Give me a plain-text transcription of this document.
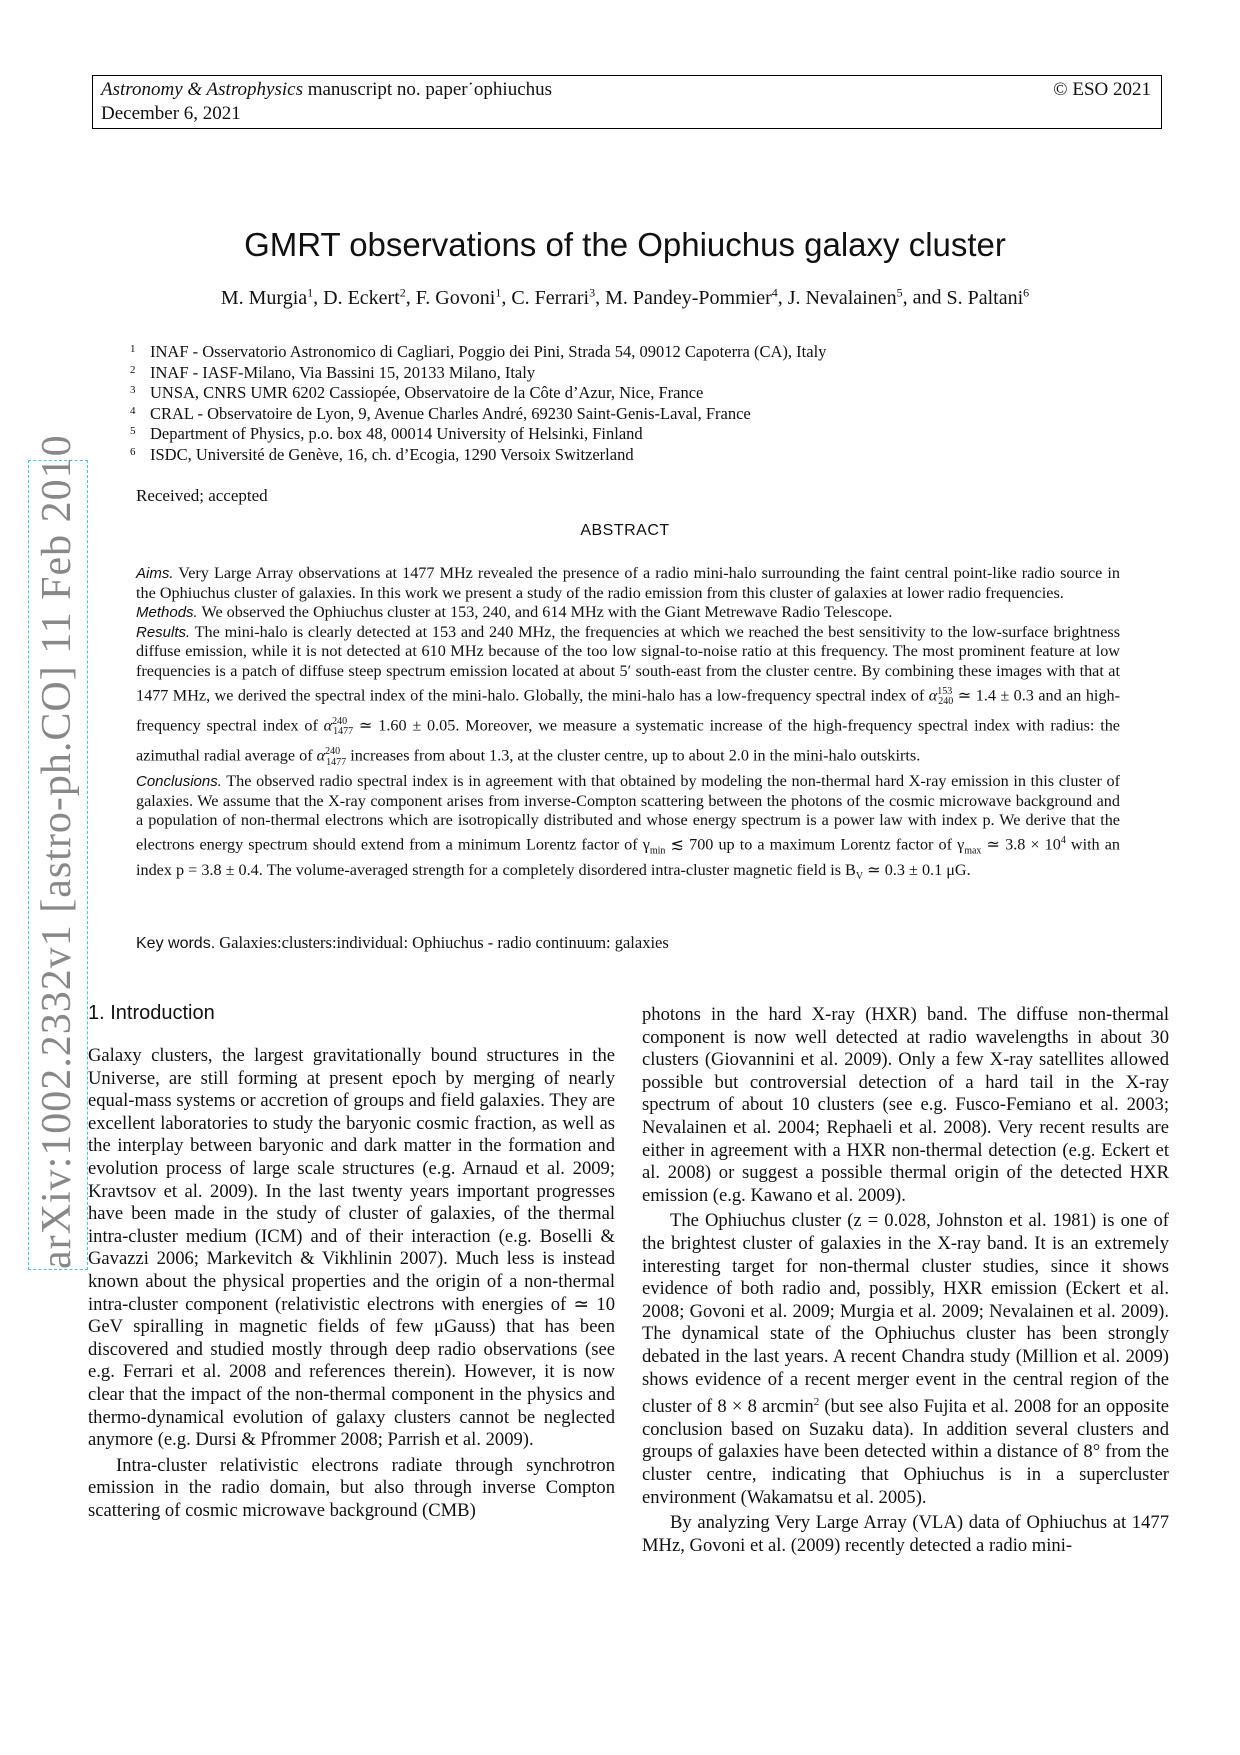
Astronomy & Astrophysics manuscript no. paper˙ophiuchus
December 6, 2021
© ESO 2021
arXiv:1002.2332v1 [astro-ph.CO] 11 Feb 2010
GMRT observations of the Ophiuchus galaxy cluster
M. Murgia$^1$, D. Eckert$^2$, F. Govoni$^1$, C. Ferrari$^3$, M. Pandey-Pommier$^4$, J. Nevalainen$^5$, and S. Paltani$^6$
1 INAF - Osservatorio Astronomico di Cagliari, Poggio dei Pini, Strada 54, 09012 Capoterra (CA), Italy
2 INAF - IASF-Milano, Via Bassini 15, 20133 Milano, Italy
3 UNSA, CNRS UMR 6202 Cassiopée, Observatoire de la Côte d’Azur, Nice, France
4 CRAL - Observatoire de Lyon, 9, Avenue Charles André, 69230 Saint-Genis-Laval, France
5 Department of Physics, p.o. box 48, 00014 University of Helsinki, Finland
6 ISDC, Université de Genève, 16, ch. d’Ecogia, 1290 Versoix Switzerland
Received; accepted
ABSTRACT

Aims. Very Large Array observations at 1477 MHz revealed the presence of a radio mini-halo surrounding the faint central point-like radio source in the Ophiuchus cluster of galaxies. In this work we present a study of the radio emission from this cluster of galaxies at lower radio frequencies.

Methods. We observed the Ophiuchus cluster at 153, 240, and 614 MHz with the Giant Metrewave Radio Telescope.

Results. The mini-halo is clearly detected at 153 and 240 MHz, the frequencies at which we reached the best sensitivity to the low-surface brightness diffuse emission, while it is not detected at 610 MHz because of the too low signal-to-noise ratio at this frequency. The most prominent feature at low frequencies is a patch of diffuse steep spectrum emission located at about 5′ south-east from the cluster centre. By combining these images with that at 1477 MHz, we derived the spectral index of the mini-halo. Globally, the mini-halo has a low-frequency spectral index of $\alpha^{153}_{240}$ ≃ 1.4 ± 0.3 and an high-frequency spectral index of $\alpha^{240}_{1477}$ ≃ 1.60 ± 0.05. Moreover, we measure a systematic increase of the high-frequency spectral index with radius: the azimuthal radial average of $\alpha^{240}_{1477}$ increases from about 1.3, at the cluster centre, up to about 2.0 in the mini-halo outskirts.

Conclusions. The observed radio spectral index is in agreement with that obtained by modeling the non-thermal hard X-ray emission in this cluster of galaxies. We assume that the X-ray component arises from inverse-Compton scattering between the photons of the cosmic microwave background and a population of non-thermal electrons which are isotropically distributed and whose energy spectrum is a power law with index p. We derive that the electrons energy spectrum should extend from a minimum Lorentz factor of $\gamma_{min}$ ≲ 700 up to a maximum Lorentz factor of $\gamma_{max}$ ≃ $3.8 \times 10^4$ with an index p = 3.8 ± 0.4. The volume-averaged strength for a completely disordered intra-cluster magnetic field is $B_V$ ≃ 0.3 ± 0.1 μG.

Key words. Galaxies:clusters:individual: Ophiuchus - radio continuum: galaxies
1. Introduction

Galaxy clusters, the largest gravitationally bound structures in the Universe, are still forming at present epoch by merging of nearly equal-mass systems or accretion of groups and field galaxies. They are excellent laboratories to study the baryonic cosmic fraction, as well as the interplay between baryonic and dark matter in the formation and evolution process of large scale structures (e.g. Arnaud et al. 2009; Kravtsov et al. 2009). In the last twenty years important progresses have been made in the study of cluster of galaxies, of the thermal intra-cluster medium (ICM) and of their interaction (e.g. Boselli & Gavazzi 2006; Markevitch & Vikhlinin 2007). Much less is instead known about the physical properties and the origin of a non-thermal intra-cluster component (relativistic electrons with energies of ≃ 10 GeV spiralling in magnetic fields of few μGauss) that has been discovered and studied mostly through deep radio observations (see e.g. Ferrari et al. 2008 and references therein). However, it is now clear that the impact of the non-thermal component in the physics and thermo-dynamical evolution of galaxy clusters cannot be neglected anymore (e.g. Dursi & Pfrommer 2008; Parrish et al. 2009).

Intra-cluster relativistic electrons radiate through synchrotron emission in the radio domain, but also through inverse Compton scattering of cosmic microwave background (CMB)

photons in the hard X-ray (HXR) band. The diffuse non-thermal component is now well detected at radio wavelengths in about 30 clusters (Giovannini et al. 2009). Only a few X-ray satellites allowed possible but controversial detection of a hard tail in the X-ray spectrum of about 10 clusters (see e.g. Fusco-Femiano et al. 2003; Nevalainen et al. 2004; Rephaeli et al. 2008). Very recent results are either in agreement with a HXR non-thermal detection (e.g. Eckert et al. 2008) or suggest a possible thermal origin of the detected HXR emission (e.g. Kawano et al. 2009).

The Ophiuchus cluster (z = 0.028, Johnston et al. 1981) is one of the brightest cluster of galaxies in the X-ray band. It is an extremely interesting target for non-thermal cluster studies, since it shows evidence of both radio and, possibly, HXR emission (Eckert et al. 2008; Govoni et al. 2009; Murgia et al. 2009; Nevalainen et al. 2009). The dynamical state of the Ophiuchus cluster has been strongly debated in the last years. A recent Chandra study (Million et al. 2009) shows evidence of a recent merger event in the central region of the cluster of 8 × 8 arcmin$^2$ (but see also Fujita et al. 2008 for an opposite conclusion based on Suzaku data). In addition several clusters and groups of galaxies have been detected within a distance of 8° from the cluster centre, indicating that Ophiuchus is in a supercluster environment (Wakamatsu et al. 2005).

By analyzing Very Large Array (VLA) data of Ophiuchus at 1477 MHz, Govoni et al. (2009) recently detected a radio mini-
